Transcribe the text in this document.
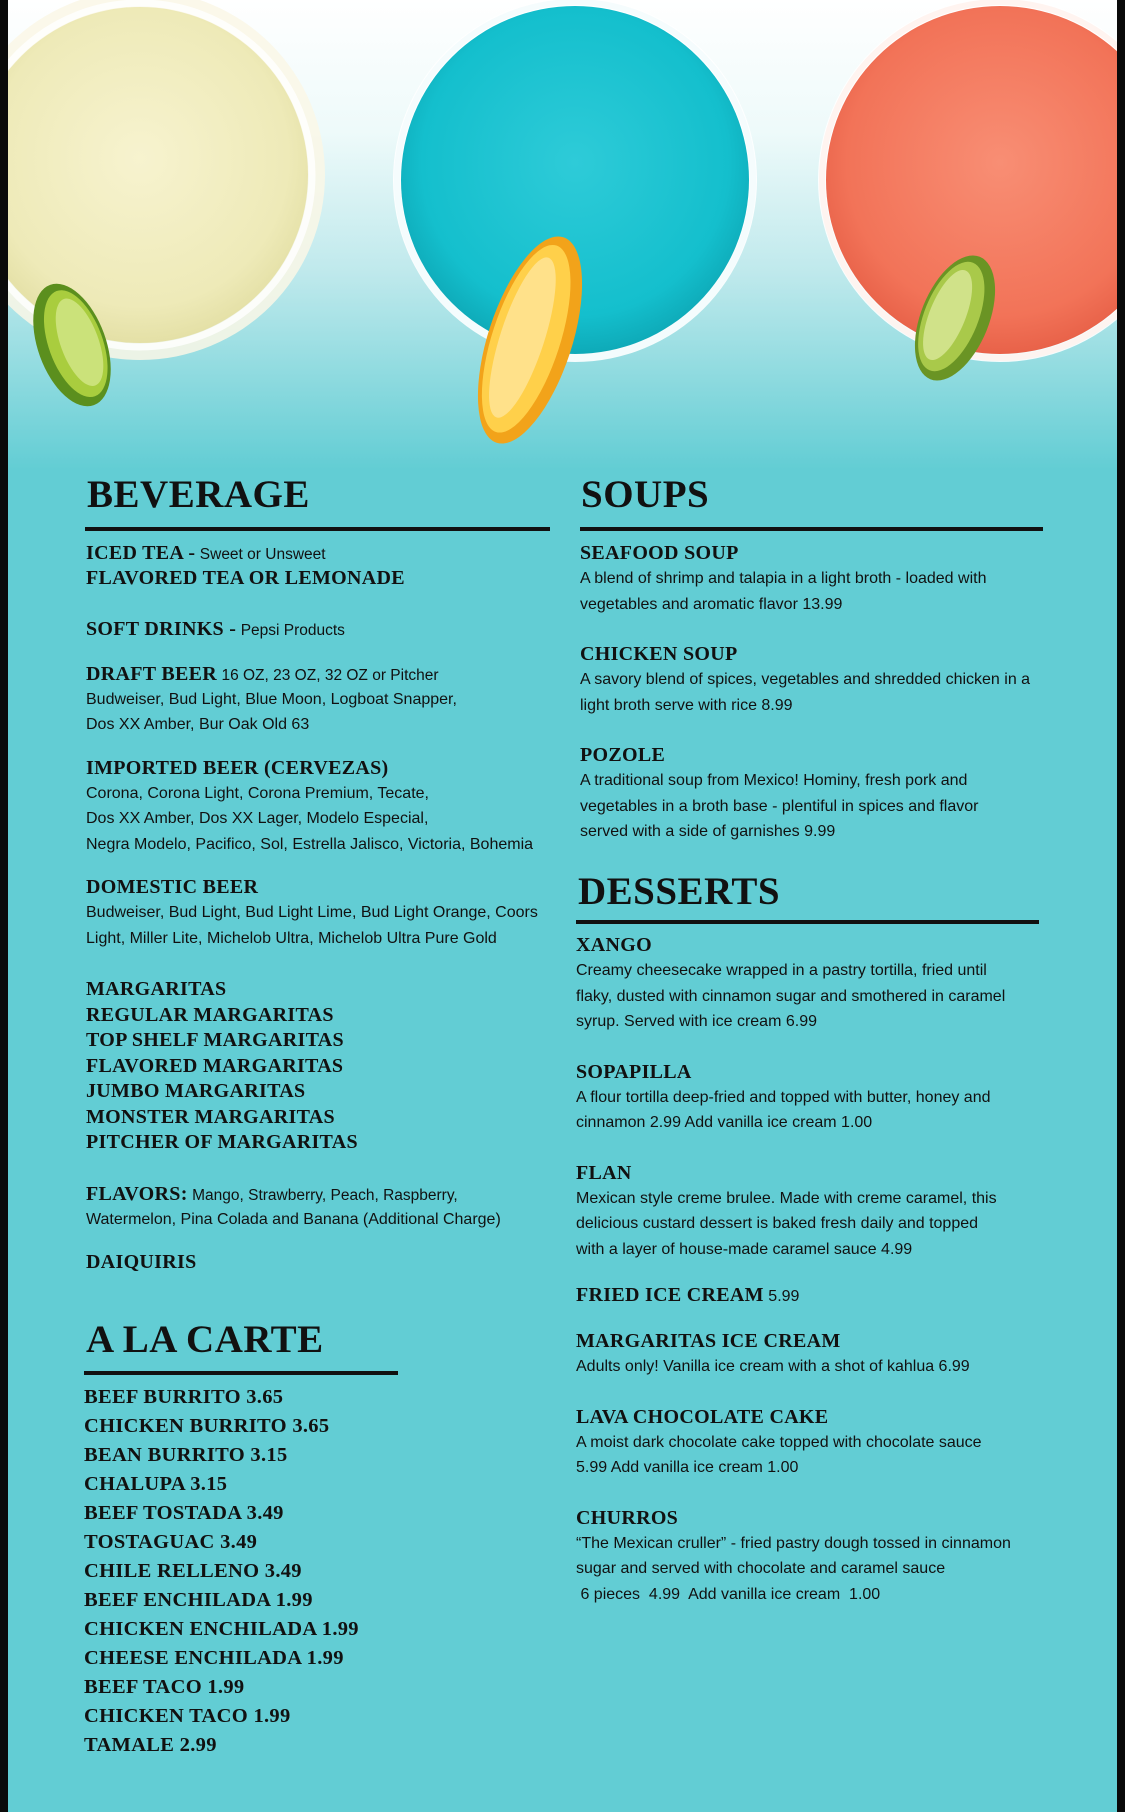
BEVERAGE
ICED TEA - Sweet or Unsweet
FLAVORED TEA OR LEMONADE
SOFT DRINKS - Pepsi Products
DRAFT BEER 16 OZ, 23 OZ, 32 OZ or Pitcher

Budweiser, Bud Light, Blue Moon, Logboat Snapper,

Dos XX Amber, Bur Oak Old 63

IMPORTED BEER (CERVEZAS)

Corona, Corona Light, Corona Premium, Tecate,

Dos XX Amber, Dos XX Lager, Modelo Especial,

Negra Modelo, Pacifico, Sol, Estrella Jalisco, Victoria, Bohemia

DOMESTIC BEER

Budweiser, Bud Light, Bud Light Lime, Bud Light Orange, Coors

Light, Miller Lite, Michelob Ultra, Michelob Ultra Pure Gold

MARGARITAS
REGULAR MARGARITAS
TOP SHELF MARGARITAS
FLAVORED MARGARITAS
JUMBO MARGARITAS
MONSTER MARGARITAS
PITCHER OF MARGARITAS
FLAVORS: Mango, Strawberry, Peach, Raspberry,

Watermelon, Pina Colada and Banana (Additional Charge)

DAIQUIRIS
A LA CARTE
BEEF BURRITO 3.65
CHICKEN BURRITO 3.65
BEAN BURRITO 3.15
CHALUPA 3.15
BEEF TOSTADA 3.49
TOSTAGUAC 3.49
CHILE RELLENO 3.49
BEEF ENCHILADA 1.99
CHICKEN ENCHILADA 1.99
CHEESE ENCHILADA 1.99
BEEF TACO 1.99
CHICKEN TACO 1.99
TAMALE 2.99
SOUPS
SEAFOOD SOUP

A blend of shrimp and talapia in a light broth - loaded with

vegetables and aromatic flavor 13.99

CHICKEN SOUP

A savory blend of spices, vegetables and shredded chicken in a

light broth serve with rice 8.99

POZOLE

A traditional soup from Mexico! Hominy, fresh pork and

vegetables in a broth base - plentiful in spices and flavor

served with a side of garnishes 9.99

DESSERTS
XANGO

Creamy cheesecake wrapped in a pastry tortilla, fried until

flaky, dusted with cinnamon sugar and smothered in caramel

syrup. Served with ice cream 6.99

SOPAPILLA

A flour tortilla deep-fried and topped with butter, honey and

cinnamon 2.99 Add vanilla ice cream 1.00

FLAN

Mexican style creme brulee. Made with creme caramel, this

delicious custard dessert is baked fresh daily and topped

with a layer of house-made caramel sauce 4.99

FRIED ICE CREAM 5.99
MARGARITAS ICE CREAM

Adults only! Vanilla ice cream with a shot of kahlua 6.99

LAVA CHOCOLATE CAKE

A moist dark chocolate cake topped with chocolate sauce

5.99 Add vanilla ice cream 1.00

CHURROS

“The Mexican cruller” - fried pastry dough tossed in cinnamon

sugar and served with chocolate and caramel sauce

6 pieces  4.99  Add vanilla ice cream  1.00
